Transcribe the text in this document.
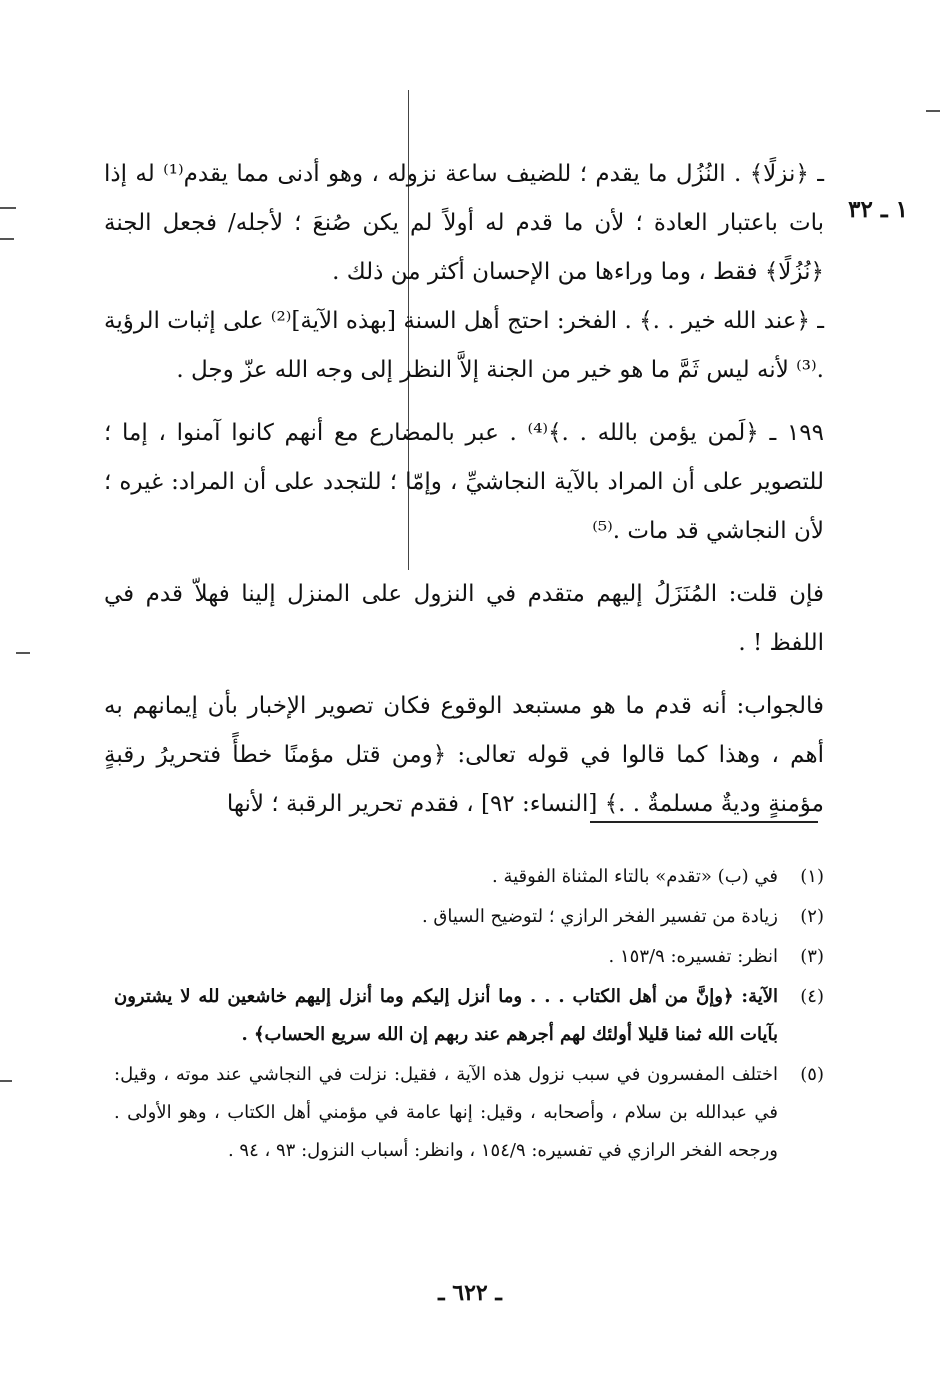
١ ـ ٣٢

ـ ﴿نزلًا﴾ . النُزُل ما يقدم ؛ للضيف ساعة نزوله ، وهو أدنى مما يقدم⁽¹⁾ له إذا بات باعتبار العادة ؛ لأن ما قدم له أولاً لم يكن صُنعَ ؛ لأجله/ فجعل الجنة ﴿نُزُلًا﴾ فقط ، وما وراءها من الإحسان أكثر من ذلك .

ـ ﴿عند الله خير . .﴾ . الفخر: احتج أهل السنة [بهذه الآية]⁽²⁾ على إثبات الرؤية .⁽³⁾ لأنه ليس ثَمَّ ما هو خير من الجنة إلاَّ النظر إلى وجه الله عزّ وجل .

١٩٩ ـ ﴿لَمن يؤمن بالله . .﴾⁽⁴⁾ . عبر بالمضارع مع أنهم كانوا آمنوا ، إما ؛ للتصوير على أن المراد بالآية النجاشيِّ ، وإمّا ؛ للتجدد على أن المراد: غيره ؛ لأن النجاشي قد مات .⁽⁵⁾

فإن قلت: المُنَزَلُ إليهم متقدم في النزول على المنزل إلينا فهلاّ قدم في اللفظ ! .

فالجواب: أنه قدم ما هو مستبعد الوقوع فكان تصوير الإخبار بأن إيمانهم به أهم ، وهذا كما قالوا في قوله تعالى: ﴿ومن قتل مؤمنًا خطأً فتحريرُ رقبةٍ مؤمنةٍ وديةٌ مسلمةٌ . .﴾ [النساء: ٩٢] ، فقدم تحرير الرقبة ؛ لأنها

(١)
في (ب) «تقدم» بالتاء المثناة الفوقية .
(٢)
زيادة من تفسير الفخر الرازي ؛ لتوضيح السياق .
(٣)
انظر: تفسيره: ١٥٣/٩ .
(٤)
الآية: ﴿وإنَّ من أهل الكتاب . . . وما أنزل إليكم وما أنزل إليهم خاشعين لله لا يشترون بآيات الله ثمنا قليلا أولئك لهم أجرهم عند ربهم إن الله سريع الحساب﴾ .
(٥)
اختلف المفسرون في سبب نزول هذه الآية ، فقيل: نزلت في النجاشي عند موته ، وقيل: في عبدالله بن سلام ، وأصحابه ، وقيل: إنها عامة في مؤمني أهل الكتاب ، وهو الأولى . ورجحه الفخر الرازي في تفسيره: ١٥٤/٩ ، وانظر: أسباب النزول: ٩٣ ، ٩٤ .
ـ ٦٢٢ ـ
